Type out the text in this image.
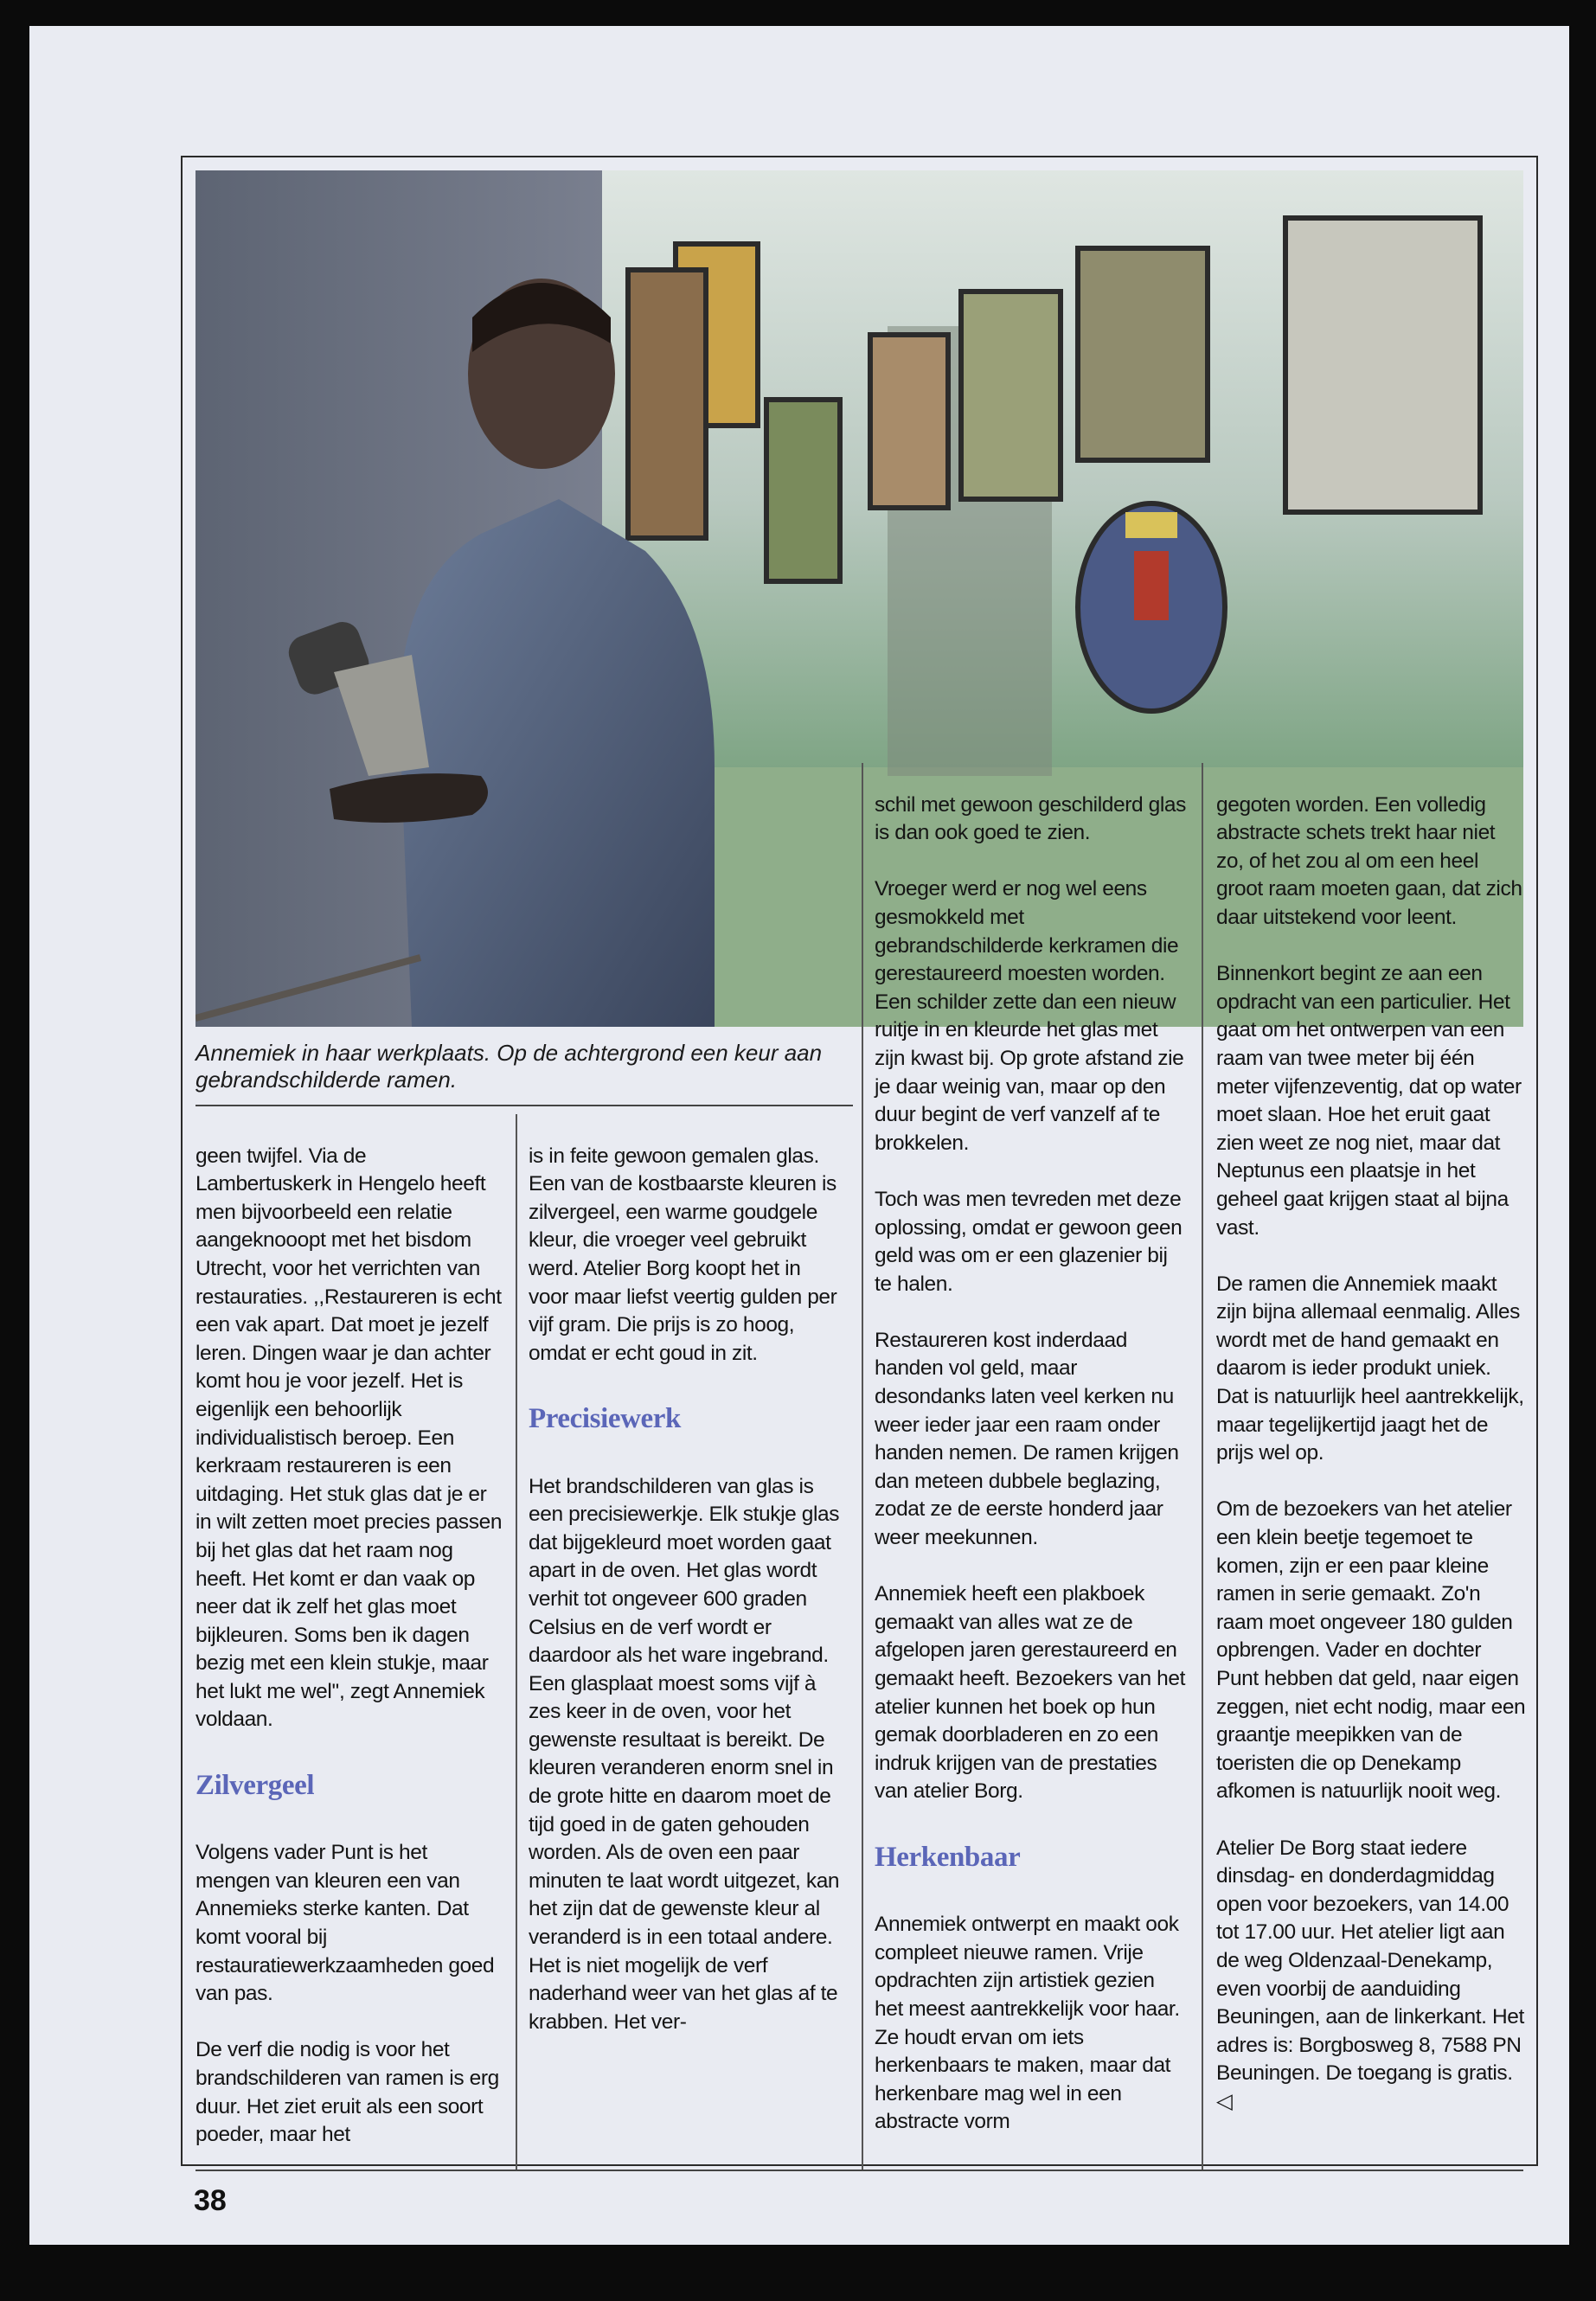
Annemiek in haar werkplaats. Op de achtergrond een keur aan gebrandschilderde ramen.

geen twijfel. Via de Lambertuskerk in Hengelo heeft men bijvoorbeeld een relatie aangeknooopt met het bisdom Utrecht, voor het verrichten van restauraties. ,,Restaureren is echt een vak apart. Dat moet je jezelf leren. Dingen waar je dan achter komt hou je voor jezelf. Het is eigenlijk een behoorlijk individualistisch beroep. Een kerkraam restaureren is een uitdaging. Het stuk glas dat je er in wilt zetten moet precies passen bij het glas dat het raam nog heeft. Het komt er dan vaak op neer dat ik zelf het glas moet bijkleuren. Soms ben ik dagen bezig met een klein stukje, maar het lukt me wel'', zegt Annemiek voldaan.

Zilvergeel

Volgens vader Punt is het mengen van kleuren een van Annemieks sterke kanten. Dat komt vooral bij restauratiewerkzaamheden goed van pas.

De verf die nodig is voor het brandschilderen van ramen is erg duur. Het ziet eruit als een soort poeder, maar het

is in feite gewoon gemalen glas. Een van de kostbaarste kleuren is zilvergeel, een warme goudgele kleur, die vroeger veel gebruikt werd. Atelier Borg koopt het in voor maar liefst veertig gulden per vijf gram. Die prijs is zo hoog, omdat er echt goud in zit.

Precisiewerk

Het brandschilderen van glas is een precisiewerkje. Elk stukje glas dat bijgekleurd moet worden gaat apart in de oven. Het glas wordt verhit tot ongeveer 600 graden Celsius en de verf wordt er daardoor als het ware ingebrand. Een glasplaat moest soms vijf à zes keer in de oven, voor het gewenste resultaat is bereikt. De kleuren veranderen enorm snel in de grote hitte en daarom moet de tijd goed in de gaten gehouden worden. Als de oven een paar minuten te laat wordt uitgezet, kan het zijn dat de gewenste kleur al veranderd is in een totaal andere. Het is niet mogelijk de verf naderhand weer van het glas af te krabben. Het ver-

schil met gewoon geschilderd glas is dan ook goed te zien.

Vroeger werd er nog wel eens gesmokkeld met gebrandschilderde kerkramen die gerestaureerd moesten worden. Een schilder zette dan een nieuw ruitje in en kleurde het glas met zijn kwast bij. Op grote afstand zie je daar weinig van, maar op den duur begint de verf vanzelf af te brokkelen.

Toch was men tevreden met deze oplossing, omdat er gewoon geen geld was om er een glazenier bij te halen.

Restaureren kost inderdaad handen vol geld, maar desondanks laten veel kerken nu weer ieder jaar een raam onder handen nemen. De ramen krijgen dan meteen dubbele beglazing, zodat ze de eerste honderd jaar weer meekunnen.

Annemiek heeft een plakboek gemaakt van alles wat ze de afgelopen jaren gerestaureerd en gemaakt heeft. Bezoekers van het atelier kunnen het boek op hun gemak doorbladeren en zo een indruk krijgen van de prestaties van atelier Borg.

Herkenbaar

Annemiek ontwerpt en maakt ook compleet nieuwe ramen. Vrije opdrachten zijn artistiek gezien het meest aantrekkelijk voor haar. Ze houdt ervan om iets herkenbaars te maken, maar dat herkenbare mag wel in een abstracte vorm

gegoten worden. Een volledig abstracte schets trekt haar niet zo, of het zou al om een heel groot raam moeten gaan, dat zich daar uitstekend voor leent.

Binnenkort begint ze aan een opdracht van een particulier. Het gaat om het ontwerpen van een raam van twee meter bij één meter vijfenzeventig, dat op water moet slaan. Hoe het eruit gaat zien weet ze nog niet, maar dat Neptunus een plaatsje in het geheel gaat krijgen staat al bijna vast.

De ramen die Annemiek maakt zijn bijna allemaal eenmalig. Alles wordt met de hand gemaakt en daarom is ieder produkt uniek. Dat is natuurlijk heel aantrekkelijk, maar tegelijkertijd jaagt het de prijs wel op.

Om de bezoekers van het atelier een klein beetje tegemoet te komen, zijn er een paar kleine ramen in serie gemaakt. Zo'n raam moet ongeveer 180 gulden opbrengen. Vader en dochter Punt hebben dat geld, naar eigen zeggen, niet echt nodig, maar een graantje meepikken van de toeristen die op Denekamp afkomen is natuurlijk nooit weg.

Atelier De Borg staat iedere dinsdag- en donderdagmiddag open voor bezoekers, van 14.00 tot 17.00 uur. Het atelier ligt aan de weg Oldenzaal-Denekamp, even voorbij de aanduiding Beuningen, aan de linkerkant. Het adres is: Borgbosweg 8, 7588 PN Beuningen. De toegang is gratis. ◁

38
